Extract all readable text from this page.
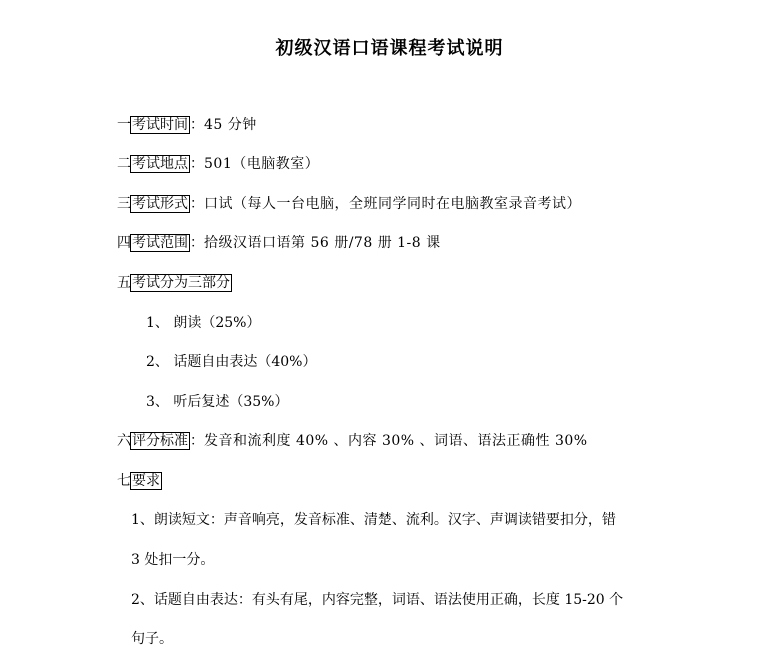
初级汉语口语课程考试说明
一考试时间 ：45 分钟
二考试地点 ：501（电脑教室）
三考试形式 ：口试（每人一台电脑，全班同学同时在电脑教室录音考试）
四考试范围 ：拾级汉语口语第 56 册/78 册 1-8 课
五考试分为三部分
1、 朗读（25%）
2、 话题自由表达（40%）
3、 听后复述（35%）
六评分标准 ：发音和流利度 40% 、内容 30% 、词语、语法正确性 30%
七要求
1、朗读短文：声音响亮，发音标准、清楚、流利。汉字、声调读错要扣分，错
3 处扣一分。
2、话题自由表达：有头有尾，内容完整，词语、语法使用正确，长度 15-20 个
句子。
